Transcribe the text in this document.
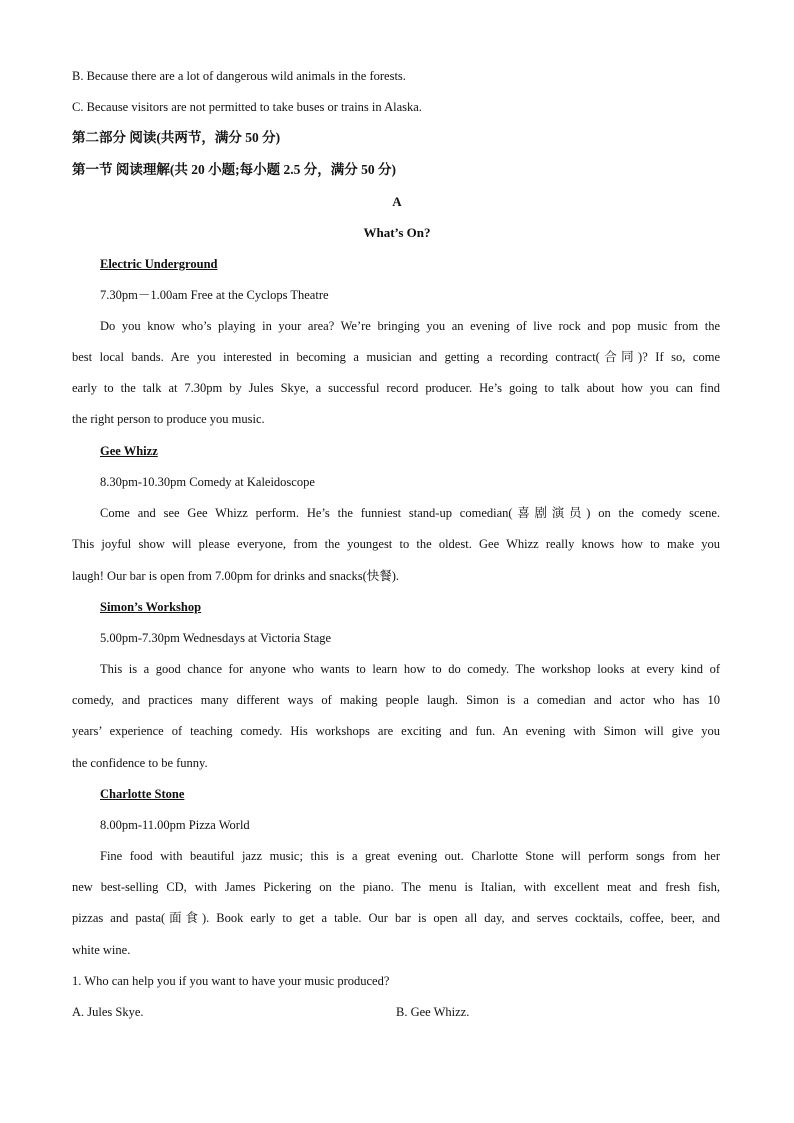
B. Because there are a lot of dangerous wild animals in the forests.
C. Because visitors are not permitted to take buses or trains in Alaska.
第二部分 阅读(共两节，满分 50 分)
第一节 阅读理解(共 20 小题;每小题 2.5 分，满分 50 分)
A
What’s On?
Electric Underground
7.30pm－1.00am Free at the Cyclops Theatre
Do you know who’s playing in your area? We’re bringing you an evening of live rock and pop music from the
best local bands. Are you interested in becoming a musician and getting a recording contract(合同)? If so, come
early to the talk at 7.30pm by Jules Skye, a successful record producer. He’s going to talk about how you can find
the right person to produce you music.
Gee Whizz
8.30pm-10.30pm Comedy at Kaleidoscope
Come and see Gee Whizz perform. He’s the funniest stand-up comedian(喜剧演员) on the comedy scene.
This joyful show will please everyone, from the youngest to the oldest. Gee Whizz really knows how to make you
laugh! Our bar is open from 7.00pm for drinks and snacks(快餐).
Simon’s Workshop
5.00pm-7.30pm Wednesdays at Victoria Stage
This is a good chance for anyone who wants to learn how to do comedy. The workshop looks at every kind of
comedy, and practices many different ways of making people laugh. Simon is a comedian and actor who has 10
years’ experience of teaching comedy. His workshops are exciting and fun. An evening with Simon will give you
the confidence to be funny.
Charlotte Stone
8.00pm-11.00pm Pizza World
Fine food with beautiful jazz music; this is a great evening out. Charlotte Stone will perform songs from her
new best-selling CD, with James Pickering on the piano. The menu is Italian, with excellent meat and fresh fish,
pizzas and pasta(面食). Book early to get a table. Our bar is open all day, and serves cocktails, coffee, beer, and
white wine.
1. Who can help you if you want to have your music produced?
A. Jules Skye.	B. Gee Whizz.
